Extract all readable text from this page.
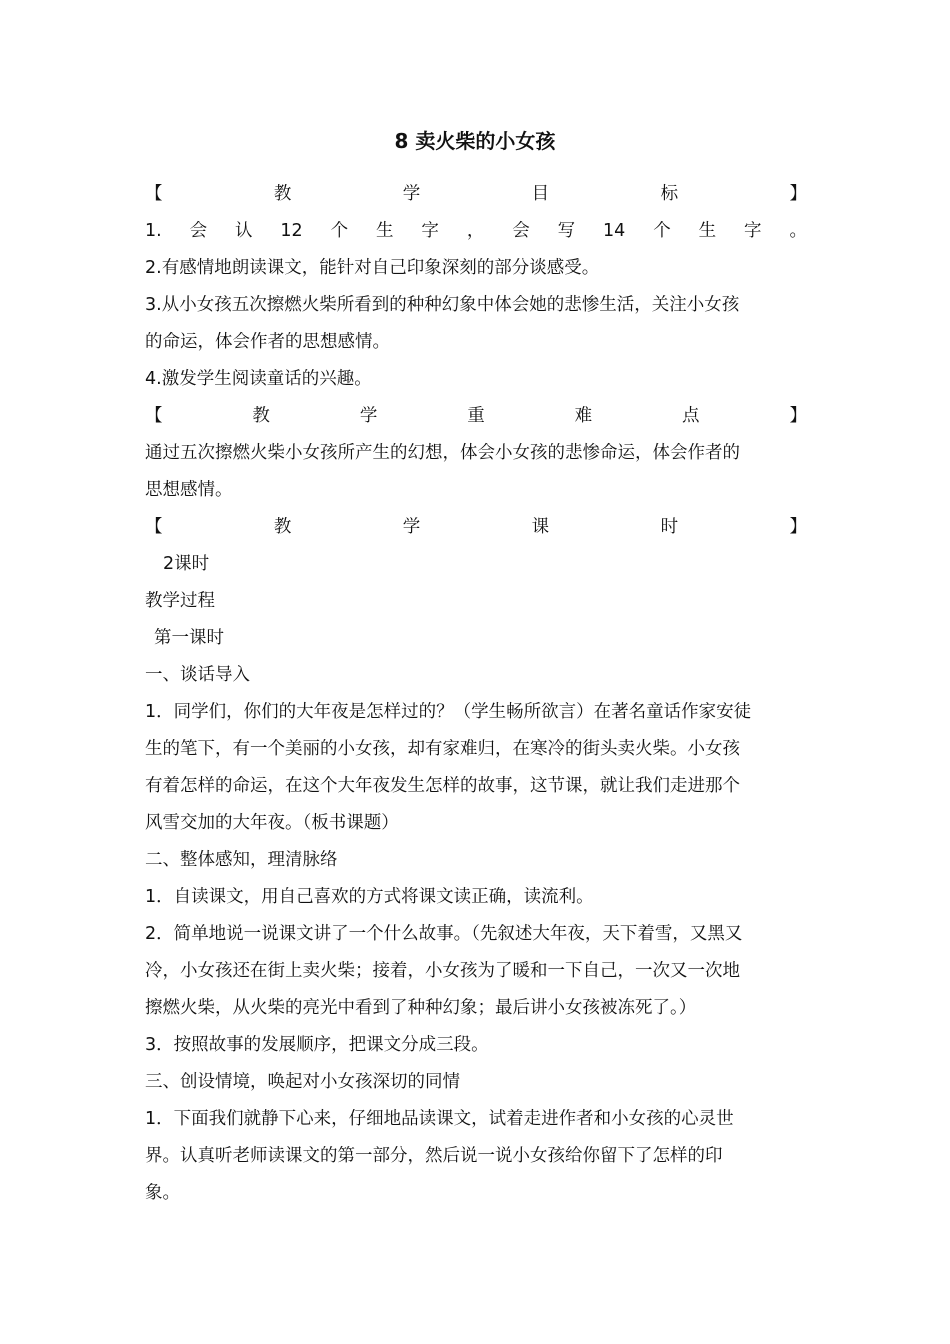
8 卖火柴的小女孩
【	教	学	目	标	】
1. 会 认 12 个 生 字 ， 会 写 14 个 生 字 。
2.有感情地朗读课文，能针对自己印象深刻的部分谈感受。
3.从小女孩五次擦燃火柴所看到的种种幻象中体会她的悲惨生活，关注小女孩
的命运，体会作者的思想感情。
4.激发学生阅读童话的兴趣。
【	教	学	重	难	点	】
通过五次擦燃火柴小女孩所产生的幻想，体会小女孩的悲惨命运，体会作者的
思想感情。
【	教	学	课	时	】
2课时
教学过程
第一课时
一、谈话导入
1．同学们，你们的大年夜是怎样过的？（学生畅所欲言）在著名童话作家安徒
生的笔下，有一个美丽的小女孩，却有家难归，在寒冷的街头卖火柴。小女孩
有着怎样的命运，在这个大年夜发生怎样的故事，这节课，就让我们走进那个
风雪交加的大年夜。（板书课题）
二、整体感知，理清脉络
1．自读课文，用自己喜欢的方式将课文读正确，读流利。
2．简单地说一说课文讲了一个什么故事。（先叙述大年夜，天下着雪，又黑又
冷，小女孩还在街上卖火柴；接着，小女孩为了暖和一下自己，一次又一次地
擦燃火柴，从火柴的亮光中看到了种种幻象；最后讲小女孩被冻死了。）
3．按照故事的发展顺序，把课文分成三段。
三、创设情境，唤起对小女孩深切的同情
1．下面我们就静下心来，仔细地品读课文，试着走进作者和小女孩的心灵世
界。认真听老师读课文的第一部分，然后说一说小女孩给你留下了怎样的印
象。
